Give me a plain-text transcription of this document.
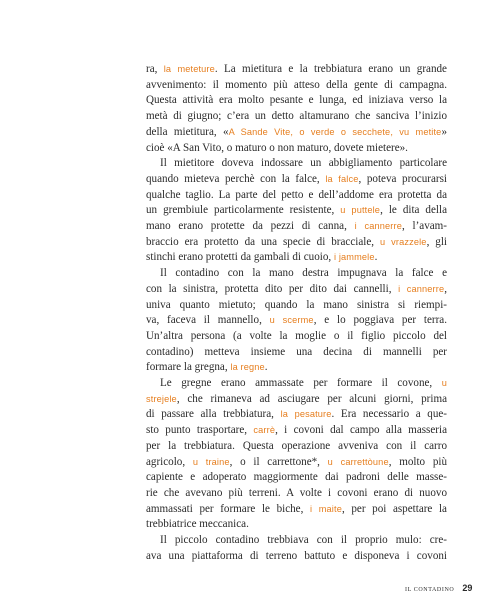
ra, la meteture. La mietitura e la trebbiatura erano un grande
avvenimento: il momento più atteso della gente di campagna.
Questa attività era molto pesante e lunga, ed iniziava verso la
metà di giugno; c’era un detto altamurano che sanciva l’inizio
della mietitura, «A Sande Vite, o verde o secchete, vu metite»
cioè «A San Vito, o maturo o non maturo, dovete mietere».
Il mietitore doveva indossare un abbigliamento particolare
quando mieteva perchè con la falce, la falce, poteva procurarsi
qualche taglio. La parte del petto e dell’addome era protetta da
un grembiule particolarmente resistente, u puttele, le dita della
mano erano protette da pezzi di canna, i cannerre, l’avam-
braccio era protetto da una specie di bracciale, u vrazzele, gli
stinchi erano protetti da gambali di cuoio, i jammele.
Il contadino con la mano destra impugnava la falce e
con la sinistra, protetta dito per dito dai cannelli, i cannerre,
univa quanto mietuto; quando la mano sinistra si riempi-
va, faceva il mannello, u scerme, e lo poggiava per terra.
Un’altra persona (a volte la moglie o il figlio piccolo del
contadino) metteva insieme una decina di mannelli per
formare la gregna, la regne.
Le gregne erano ammassate per formare il covone, u
strejele, che rimaneva ad asciugare per alcuni giorni, prima
di passare alla trebbiatura, la pesature. Era necessario a que-
sto punto trasportare, carrè, i covoni dal campo alla masseria
per la trebbiatura. Questa operazione avveniva con il carro
agricolo, u traine, o il carrettone*, u carrettòune, molto più
capiente e adoperato maggiormente dai padroni delle masse-
rie che avevano più terreni. A volte i covoni erano di nuovo
ammassati per formare le biche, i maite, per poi aspettare la
trebbiatrice meccanica.
Il piccolo contadino trebbiava con il proprio mulo: cre-
ava una piattaforma di terreno battuto e disponeva i covoni
IL CONTADINO 29
